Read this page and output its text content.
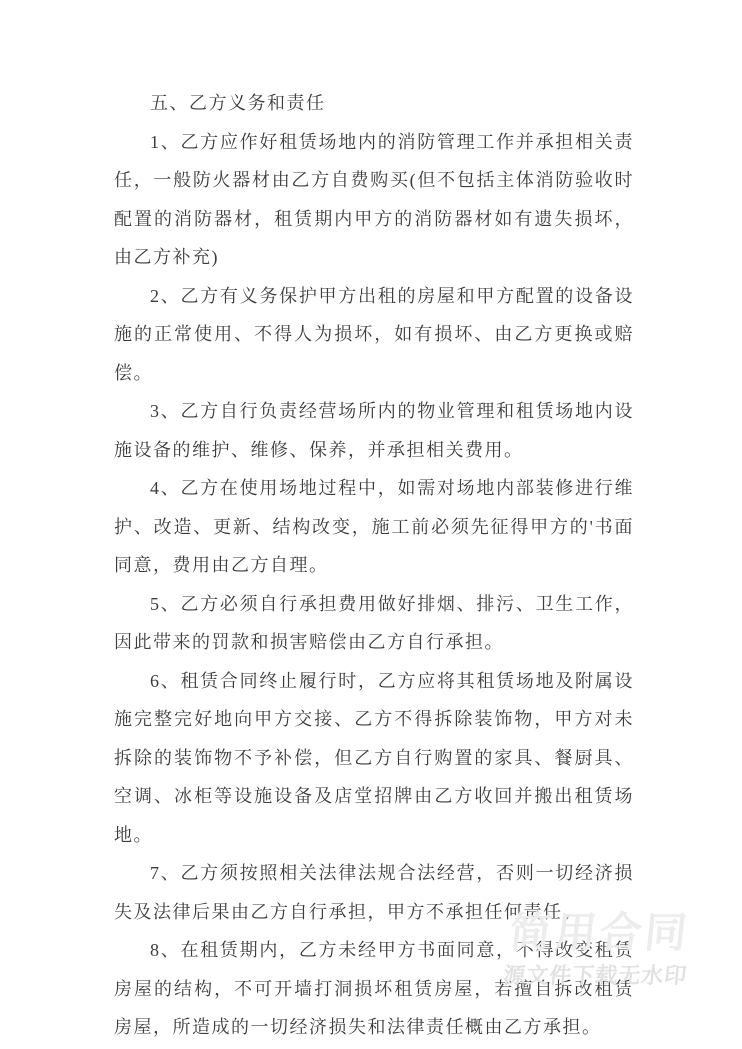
五、乙方义务和责任

1、乙方应作好租赁场地内的消防管理工作并承担相关责任，一般防火器材由乙方自费购买(但不包括主体消防验收时配置的消防器材，租赁期内甲方的消防器材如有遗失损坏，由乙方补充)

2、乙方有义务保护甲方出租的房屋和甲方配置的设备设施的正常使用、不得人为损坏，如有损坏、由乙方更换或赔偿。

3、乙方自行负责经营场所内的物业管理和租赁场地内设施设备的维护、维修、保养，并承担相关费用。

4、乙方在使用场地过程中，如需对场地内部装修进行维护、改造、更新、结构改变，施工前必须先征得甲方的'书面同意，费用由乙方自理。

5、乙方必须自行承担费用做好排烟、排污、卫生工作，因此带来的罚款和损害赔偿由乙方自行承担。

6、租赁合同终止履行时，乙方应将其租赁场地及附属设施完整完好地向甲方交接、乙方不得拆除装饰物，甲方对未拆除的装饰物不予补偿，但乙方自行购置的家具、餐厨具、空调、冰柜等设施设备及店堂招牌由乙方收回并搬出租赁场地。

7、乙方须按照相关法律法规合法经营，否则一切经济损失及法律后果由乙方自行承担，甲方不承担任何责任。

8、在租赁期内，乙方未经甲方书面同意，不得改变租赁房屋的结构，不可开墙打洞损坏租赁房屋，若擅自拆改租赁房屋，所造成的一切经济损失和法律责任概由乙方承担。

简用合同
源文件下载无水印
